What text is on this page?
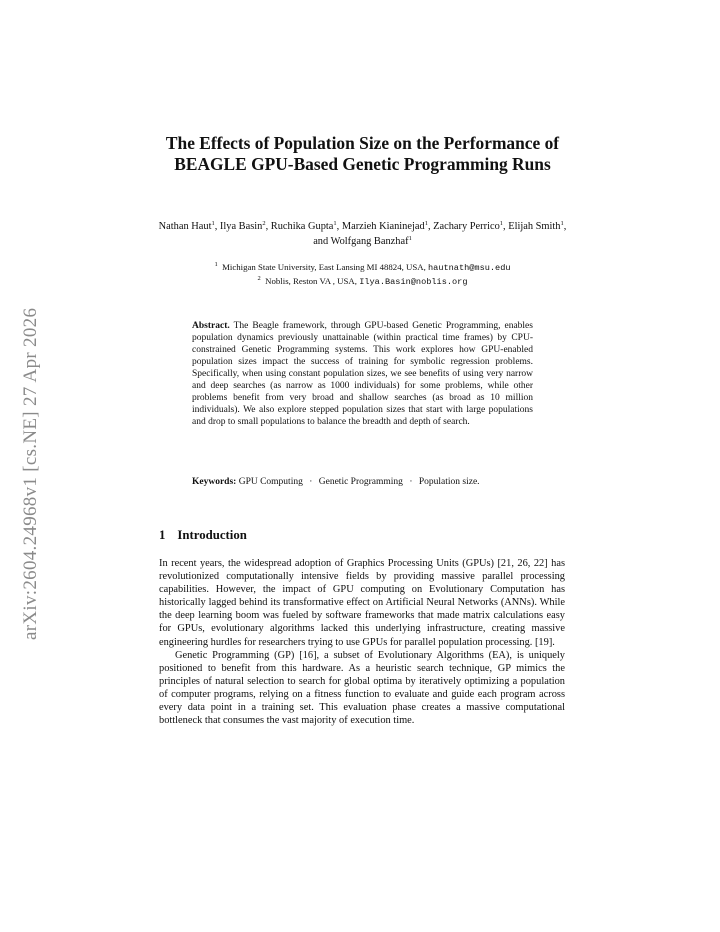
arXiv:2604.24968v1 [cs.NE] 27 Apr 2026
The Effects of Population Size on the Performance of BEAGLE GPU-Based Genetic Programming Runs
Nathan Haut$^1$, Ilya Basin$^2$, Ruchika Gupta$^1$, Marzieh Kianinejad$^1$, Zachary Perrico$^1$, Elijah Smith$^1$, and Wolfgang Banzhaf$^1$
$^1$ Michigan State University, East Lansing MI 48824, USA, hautnath@msu.edu
$^2$ Noblis, Reston VA , USA, Ilya.Basin@noblis.org
Abstract. The Beagle framework, through GPU-based Genetic Programming, enables population dynamics previously unattainable (within practical time frames) by CPU-constrained Genetic Programming systems. This work explores how GPU-enabled population sizes impact the success of training for symbolic regression problems. Specifically, when using constant population sizes, we see benefits of using very narrow and deep searches (as narrow as 1000 individuals) for some problems, while other problems benefit from very broad and shallow searches (as broad as 10 million individuals). We also explore stepped population sizes that start with large populations and drop to small populations to balance the breadth and depth of search.
Keywords: GPU Computing · Genetic Programming · Population size.
1 Introduction

In recent years, the widespread adoption of Graphics Processing Units (GPUs) [21, 26, 22] has revolutionized computationally intensive fields by providing massive parallel processing capabilities. However, the impact of GPU computing on Evolutionary Computation has historically lagged behind its transformative effect on Artificial Neural Networks (ANNs). While the deep learning boom was fueled by software frameworks that made matrix calculations easy for GPUs, evolutionary algorithms lacked this underlying infrastructure, creating massive engineering hurdles for researchers trying to use GPUs for parallel population processing. [19].

Genetic Programming (GP) [16], a subset of Evolutionary Algorithms (EA), is uniquely positioned to benefit from this hardware. As a heuristic search technique, GP mimics the principles of natural selection to search for global optima by iteratively optimizing a population of computer programs, relying on a fitness function to evaluate and guide each program across every data point in a training set. This evaluation phase creates a massive computational bottleneck that consumes the vast majority of execution time.
